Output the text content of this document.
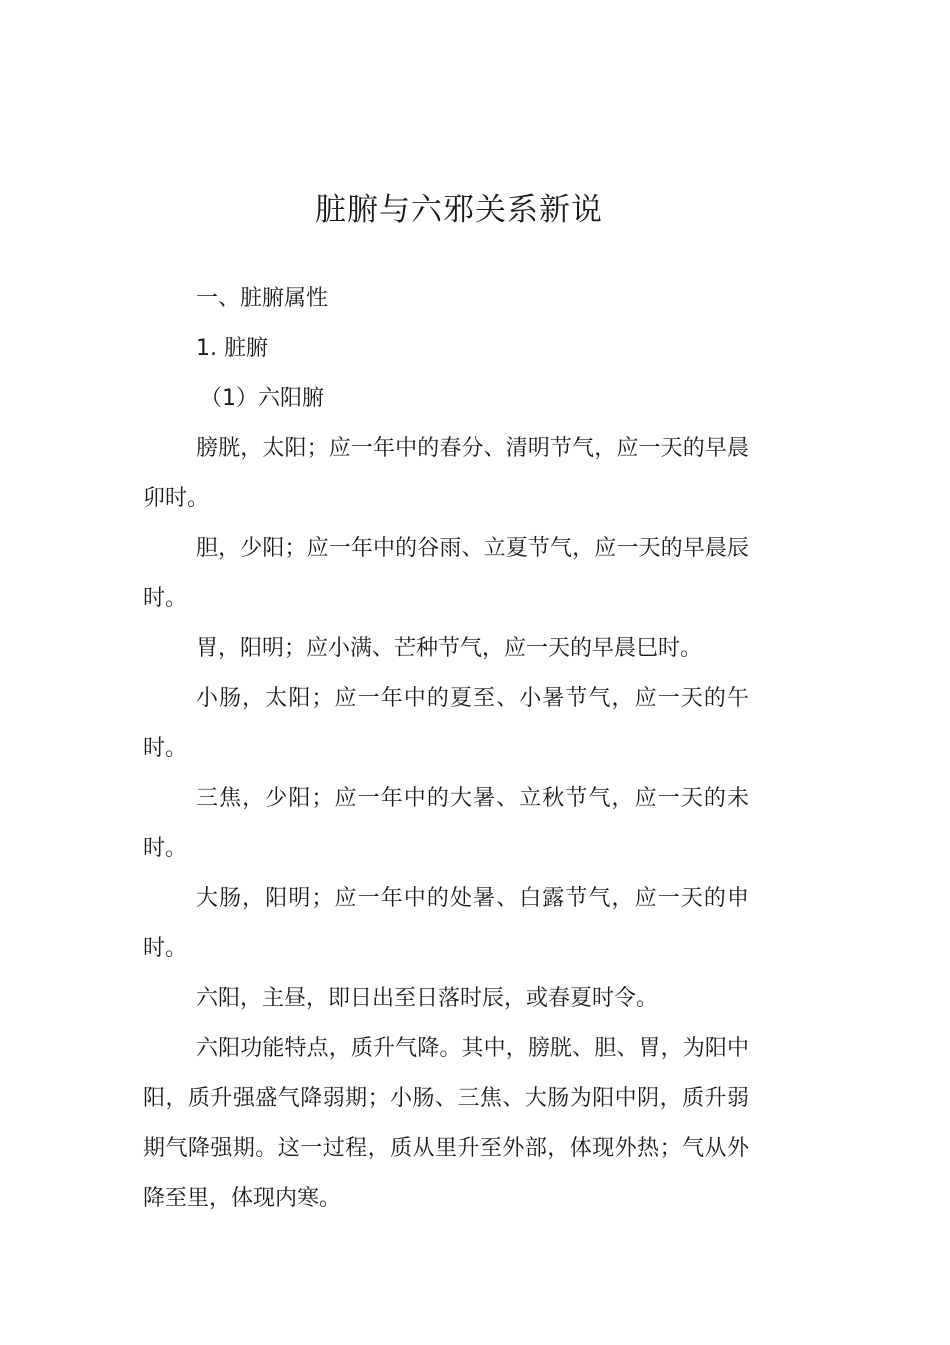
脏腑与六邪关系新说

一、脏腑属性

1. 脏腑

（1）六阳腑

膀胱，太阳；应一年中的春分、清明节气，应一天的早晨卯时。

胆，少阳；应一年中的谷雨、立夏节气，应一天的早晨辰时。

胃，阳明；应小满、芒种节气，应一天的早晨巳时。

小肠，太阳；应一年中的夏至、小暑节气，应一天的午时。

三焦，少阳；应一年中的大暑、立秋节气，应一天的未时。

大肠，阳明；应一年中的处暑、白露节气，应一天的申时。

六阳，主昼，即日出至日落时辰，或春夏时令。

六阳功能特点，质升气降。其中，膀胱、胆、胃，为阳中阳，质升强盛气降弱期；小肠、三焦、大肠为阳中阴，质升弱期气降强期。这一过程，质从里升至外部，体现外热；气从外降至里，体现内寒。
